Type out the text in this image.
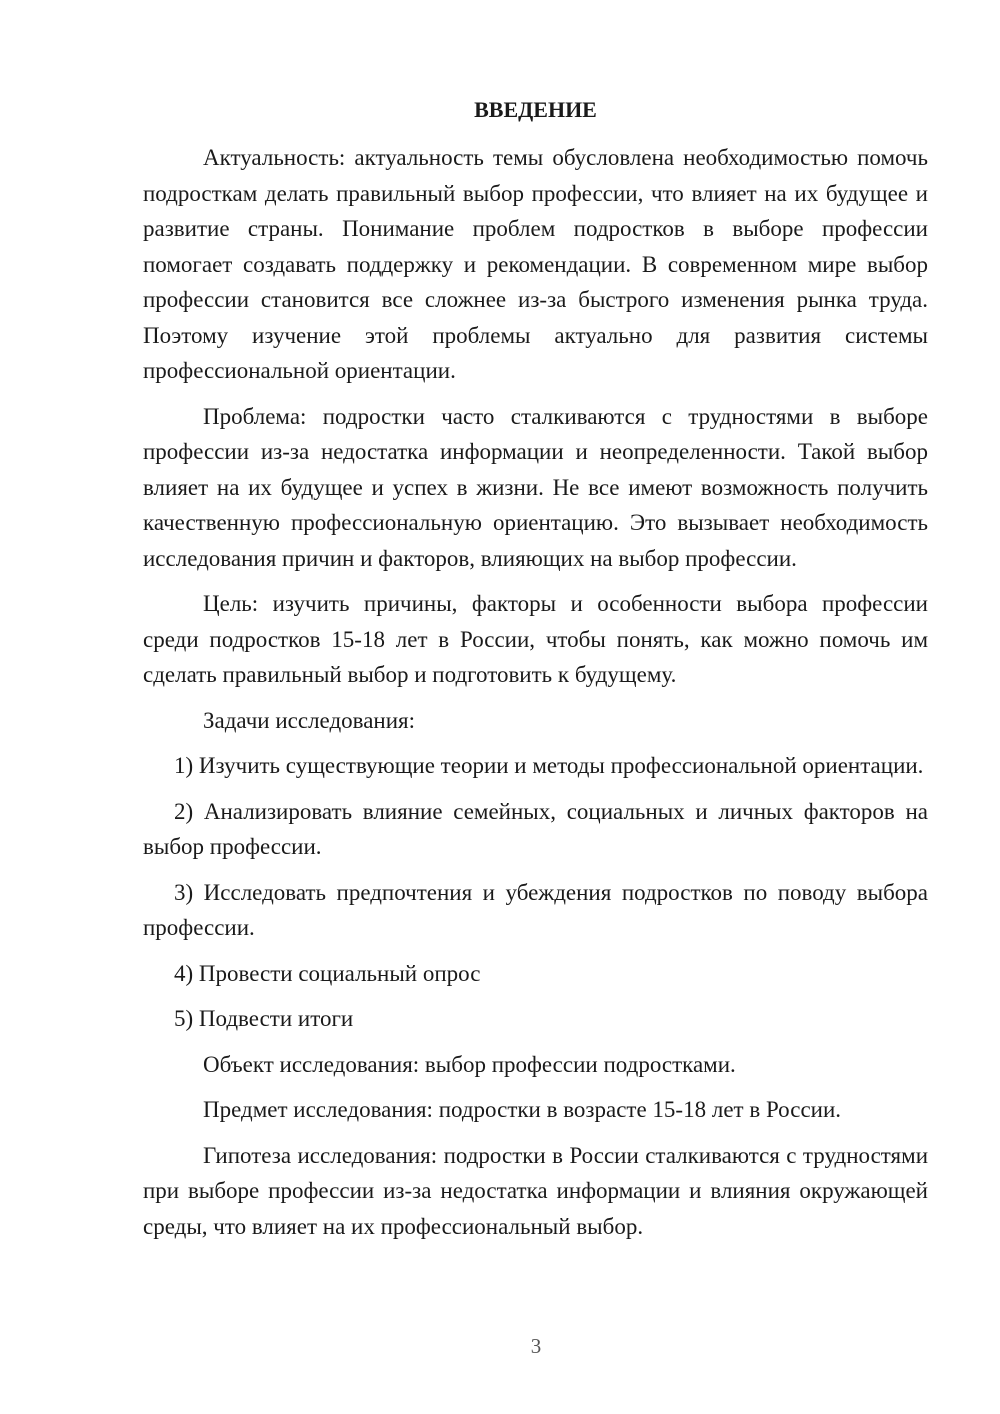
ВВЕДЕНИЕ

Актуальность: актуальность темы обусловлена необходимостью помочь подросткам делать правильный выбор профессии, что влияет на их будущее и развитие страны. Понимание проблем подростков в выборе профессии помогает создавать поддержку и рекомендации. В современном мире выбор профессии становится все сложнее из-за быстрого изменения рынка труда. Поэтому изучение этой проблемы актуально для развития системы профессиональной ориентации.

Проблема: подростки часто сталкиваются с трудностями в выборе профессии из-за недостатка информации и неопределенности. Такой выбор влияет на их будущее и успех в жизни. Не все имеют возможность получить качественную профессиональную ориентацию. Это вызывает необходимость исследования причин и факторов, влияющих на выбор профессии.

Цель: изучить причины, факторы и особенности выбора профессии среди подростков 15-18 лет в России, чтобы понять, как можно помочь им сделать правильный выбор и подготовить к будущему.

Задачи исследования:

1) Изучить существующие теории и методы профессиональной ориентации.

2) Анализировать влияние семейных, социальных и личных факторов на выбор профессии.

3) Исследовать предпочтения и убеждения подростков по поводу выбора профессии.

4) Провести социальный опрос

5) Подвести итоги

Объект исследования: выбор профессии подростками.

Предмет исследования: подростки в возрасте 15-18 лет в России.

Гипотеза исследования: подростки в России сталкиваются с трудностями при выборе профессии из-за недостатка информации и влияния окружающей среды, что влияет на их профессиональный выбор.

3
